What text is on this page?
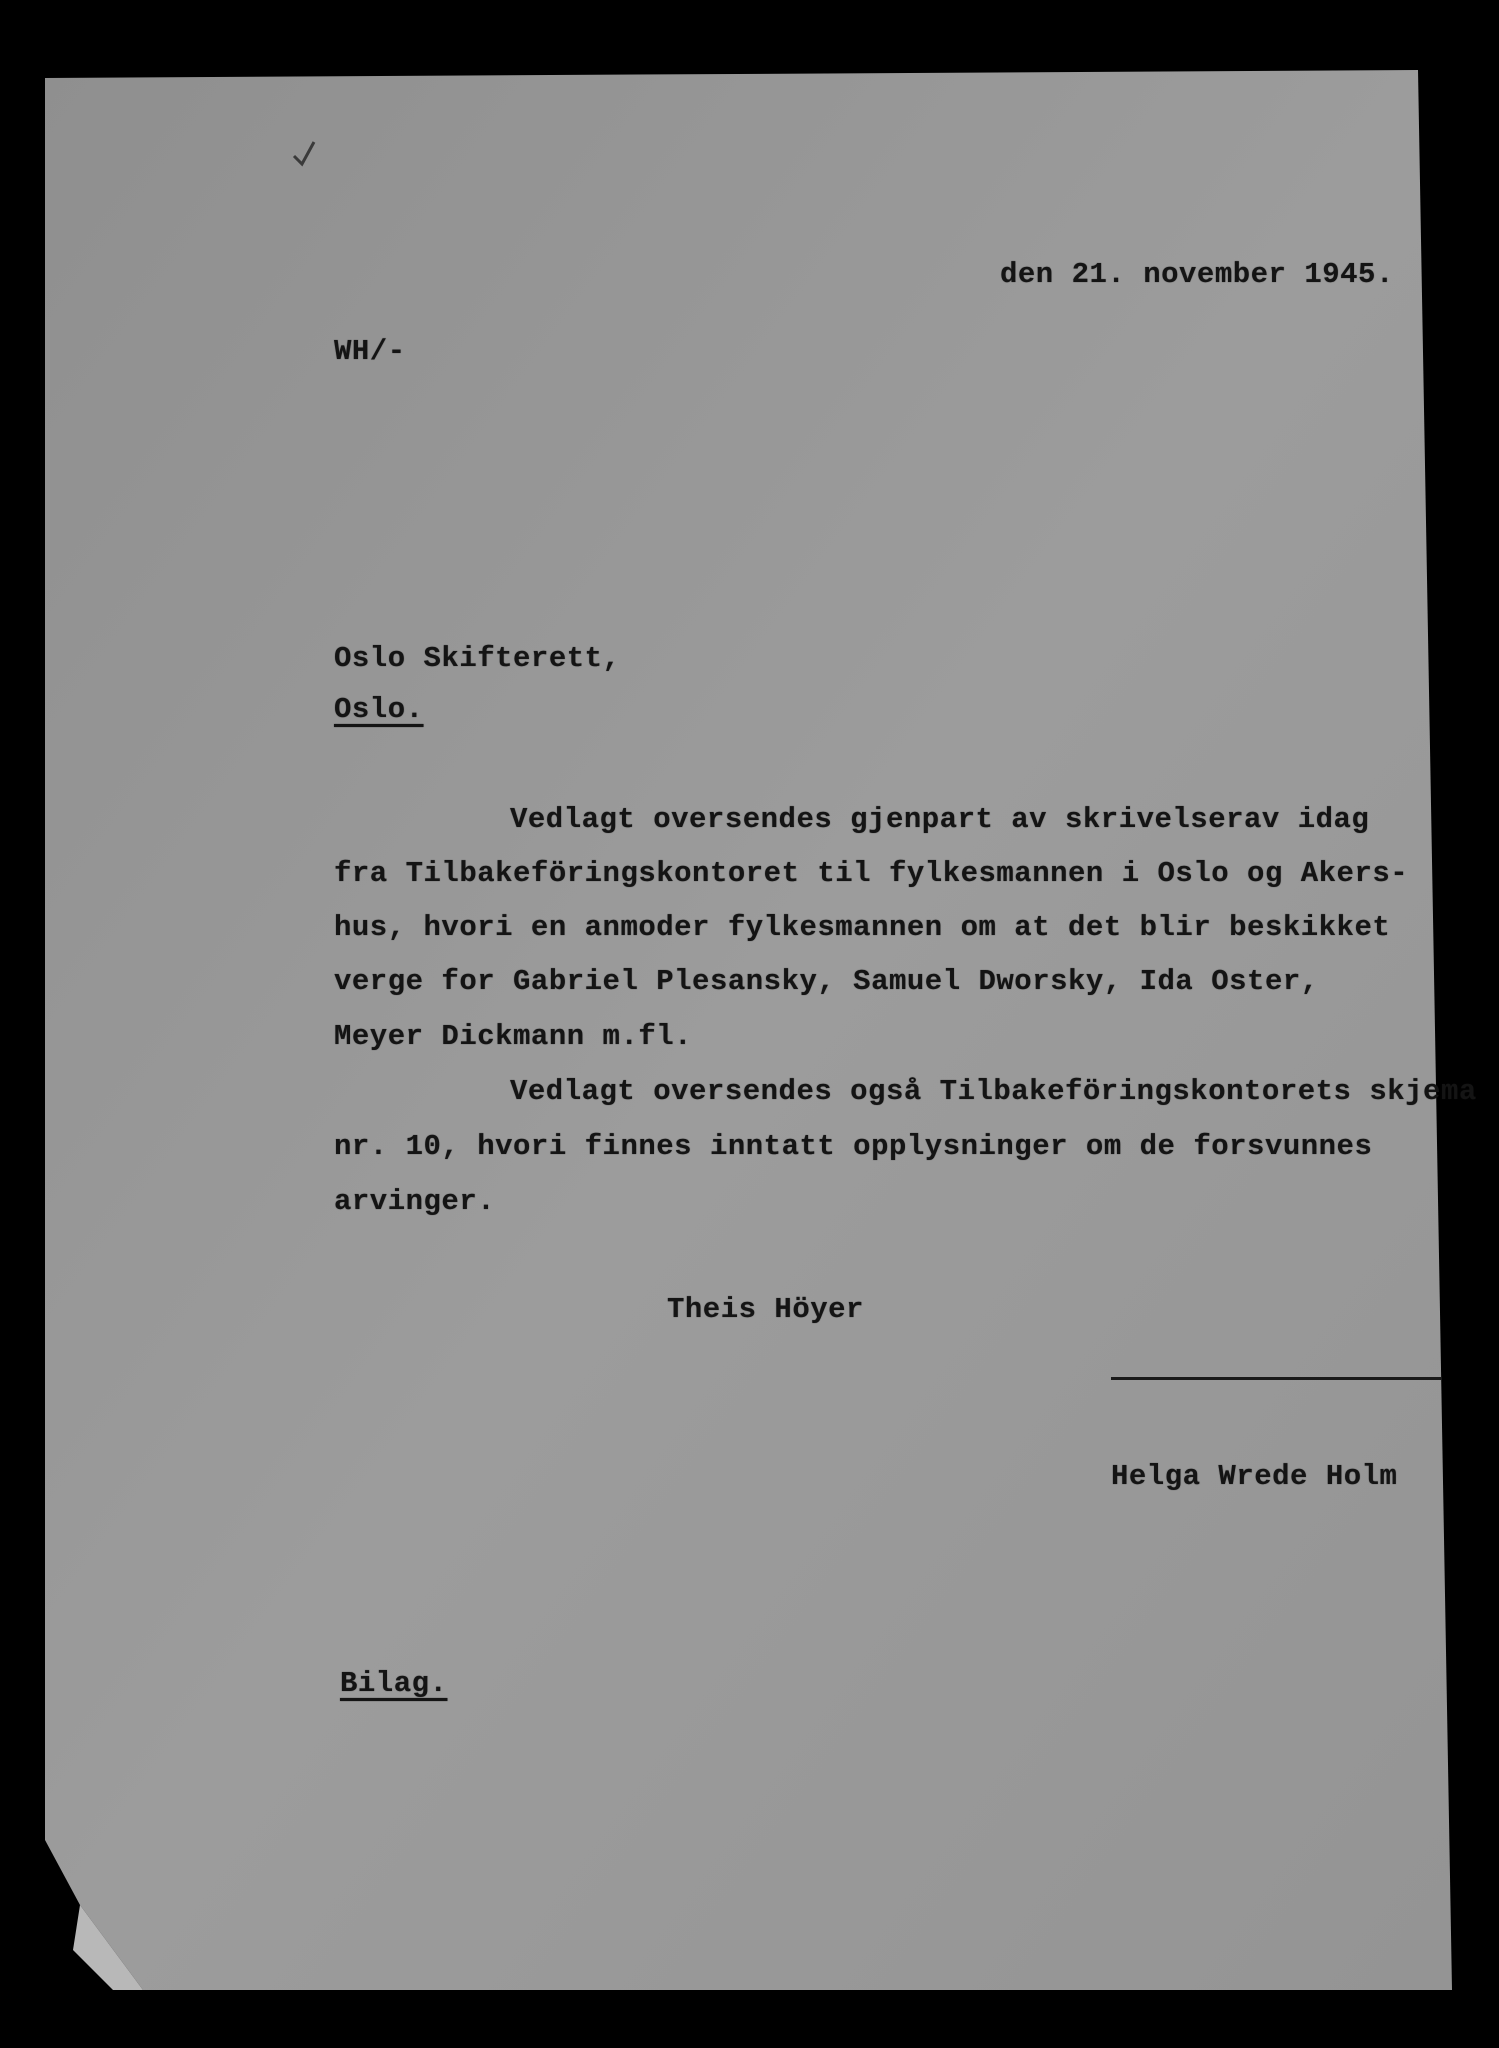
den 21. november 1945.

WH/-

Oslo Skifterett,

Oslo.

Vedlagt oversendes gjenpart av skrivelserav idag

fra Tilbakeföringskontoret til fylkesmannen i Oslo og Akers-

hus, hvori en anmoder fylkesmannen om at det blir beskikket

verge for Gabriel Plesansky, Samuel Dworsky, Ida Oster,

Meyer Dickmann m.fl.

Vedlagt oversendes også Tilbakeföringskontorets skjema

nr. 10, hvori finnes inntatt opplysninger om de forsvunnes

arvinger.

Theis Höyer

Helga Wrede Holm

Bilag.
